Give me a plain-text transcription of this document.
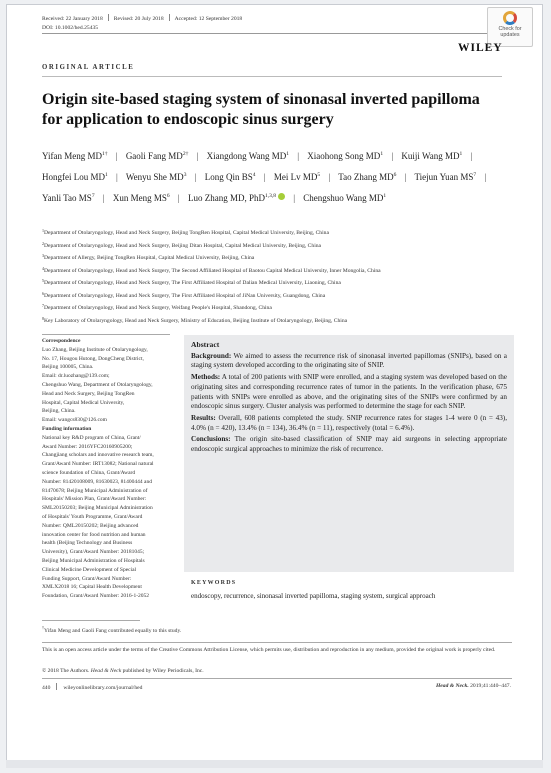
Received: 22 January 2018 Revised: 20 July 2018 Accepted: 12 September 2018
DOI: 10.1002/hed.25435	Check for
updates
WILEY
ORIGINAL ARTICLE
Origin site-based staging system of sinonasal inverted papilloma
for application to endoscopic sinus surgery
Yifan Meng $MD^{1\dagger}$ | Gaoli Fang $MD^{2\dagger}$ | Xiangdong Wang $MD^1$ | Xiaohong Song $MD^1$ | Kuiji Wang $MD^1$ | Hongfei Lou $MD^1$ | Wenyu She $MD^3$ | Long Qin $BS^4$ | Mei Lv $MD^5$ | Tao Zhang $MD^6$ | Tiejun Yuan $MS^7$ | Yanli Tao $MS^7$ | Xun Meng $MS^6$ | Luo Zhang MD, PhD$^{1,3,8}$ | Chengshuo Wang $MD^1$
$^1$Department of Otolaryngology, Head and Neck Surgery, Beijing TongRen Hospital, Capital Medical University, Beijing, China
$^2$Department of Otolaryngology, Head and Neck Surgery, Beijing Ditan Hospital, Capital Medical University, Beijing, China
$^3$Department of Allergy, Beijing TongRen Hospital, Capital Medical University, Beijing, China
$^4$Department of Otolaryngology, Head and Neck Surgery, The Second Affiliated Hospital of Baotou Capital Medical University, Inner Mongolia, China
$^5$Department of Otolaryngology, Head and Neck Surgery, The First Affiliated Hospital of Dalian Medical University, Liaoning, China
$^6$Department of Otolaryngology, Head and Neck Surgery, The First Affiliated Hospital of JiNan University, Guangdong, China
$^7$Department of Otolaryngology, Head and Neck Surgery, Weifang People's Hospital, Shandong, China
$^8$Key Laboratory of Otolaryngology, Head and Neck Surgery, Ministry of Education, Beijing Institute of Otolaryngology, Beijing, China
Correspondence
Luo Zhang, Beijing Institute of Otolaryngology,
No. 17, Hougou Hutong, DongCheng District,
Beijing 100005, China.
Email: dr.luozhang@139.com;
Chengshuo Wang, Department of Otolaryngology,
Head and Neck Surgery, Beijing TongRen
Hospital, Capital Medical University,
Beijing, China.
Email: wangcs830@126.com
Funding information
National key R&D program of China, Grant/
Award Number: 2016YFC20160905200;
Changjiang scholars and innovative research team,
Grant/Award Number: IRT13082; National natural
science foundation of China, Grant/Award
Number: 81420108009, 81630023, 81400444 and
81470678; Beijing Municipal Administration of
Hospitals' Mission Plan, Grant/Award Number:
SML20150203; Beijing Municipal Administration
of Hospitals' Youth Programme, Grant/Award
Number: QML20150202; Beijing advanced
innovation center for food nutrition and human
health (Beijing Technology and Business
University), Grant/Award Number: 20181045;
Beijing Municipal Administration of Hospitals
Clinical Medicine Development of Special
Funding Support, Grant/Award Number:
XMLX2018 16; Capital Health Development
Foundation, Grant/Award Number: 2016-1-2052
Abstract

Background: We aimed to assess the recurrence risk of sinonasal inverted papillomas (SNIPs), based on a staging system developed according to the originating site of SNIP.

Methods: A total of 200 patients with SNIP were enrolled, and a staging system was developed based on the originating sites and corresponding recurrence rates of tumor in the patients. In the verification phase, 675 patients with SNIPs were enrolled as above, and the originating sites of the SNIPs were confirmed by an endoscopic sinus surgery. Cluster analysis was performed to determine the stage for each SNIP.

Results: Overall, 608 patients completed the study. SNIP recurrence rates for stages 1-4 were 0 (n = 43), 4.0% (n = 420), 13.4% (n = 134), 36.4% (n = 11), respectively (total = 6.4%).

Conclusions: The origin site-based classification of SNIP may aid surgeons in selecting appropriate endoscopic surgical approaches to minimize the risk of recurrence.

KEYWORDS
endoscopy, recurrence, sinonasal inverted papilloma, staging system, surgical approach
†Yifan Meng and Gaoli Fang contributed equally to this study.
This is an open access article under the terms of the Creative Commons Attribution License, which permits use, distribution and reproduction in any medium, provided the original work is properly cited.
© 2018 The Authors. Head & Neck published by Wiley Periodicals, Inc.
440 wileyonlinelibrary.com/journal/hed	Head & Neck. 2019;41:440–447.
